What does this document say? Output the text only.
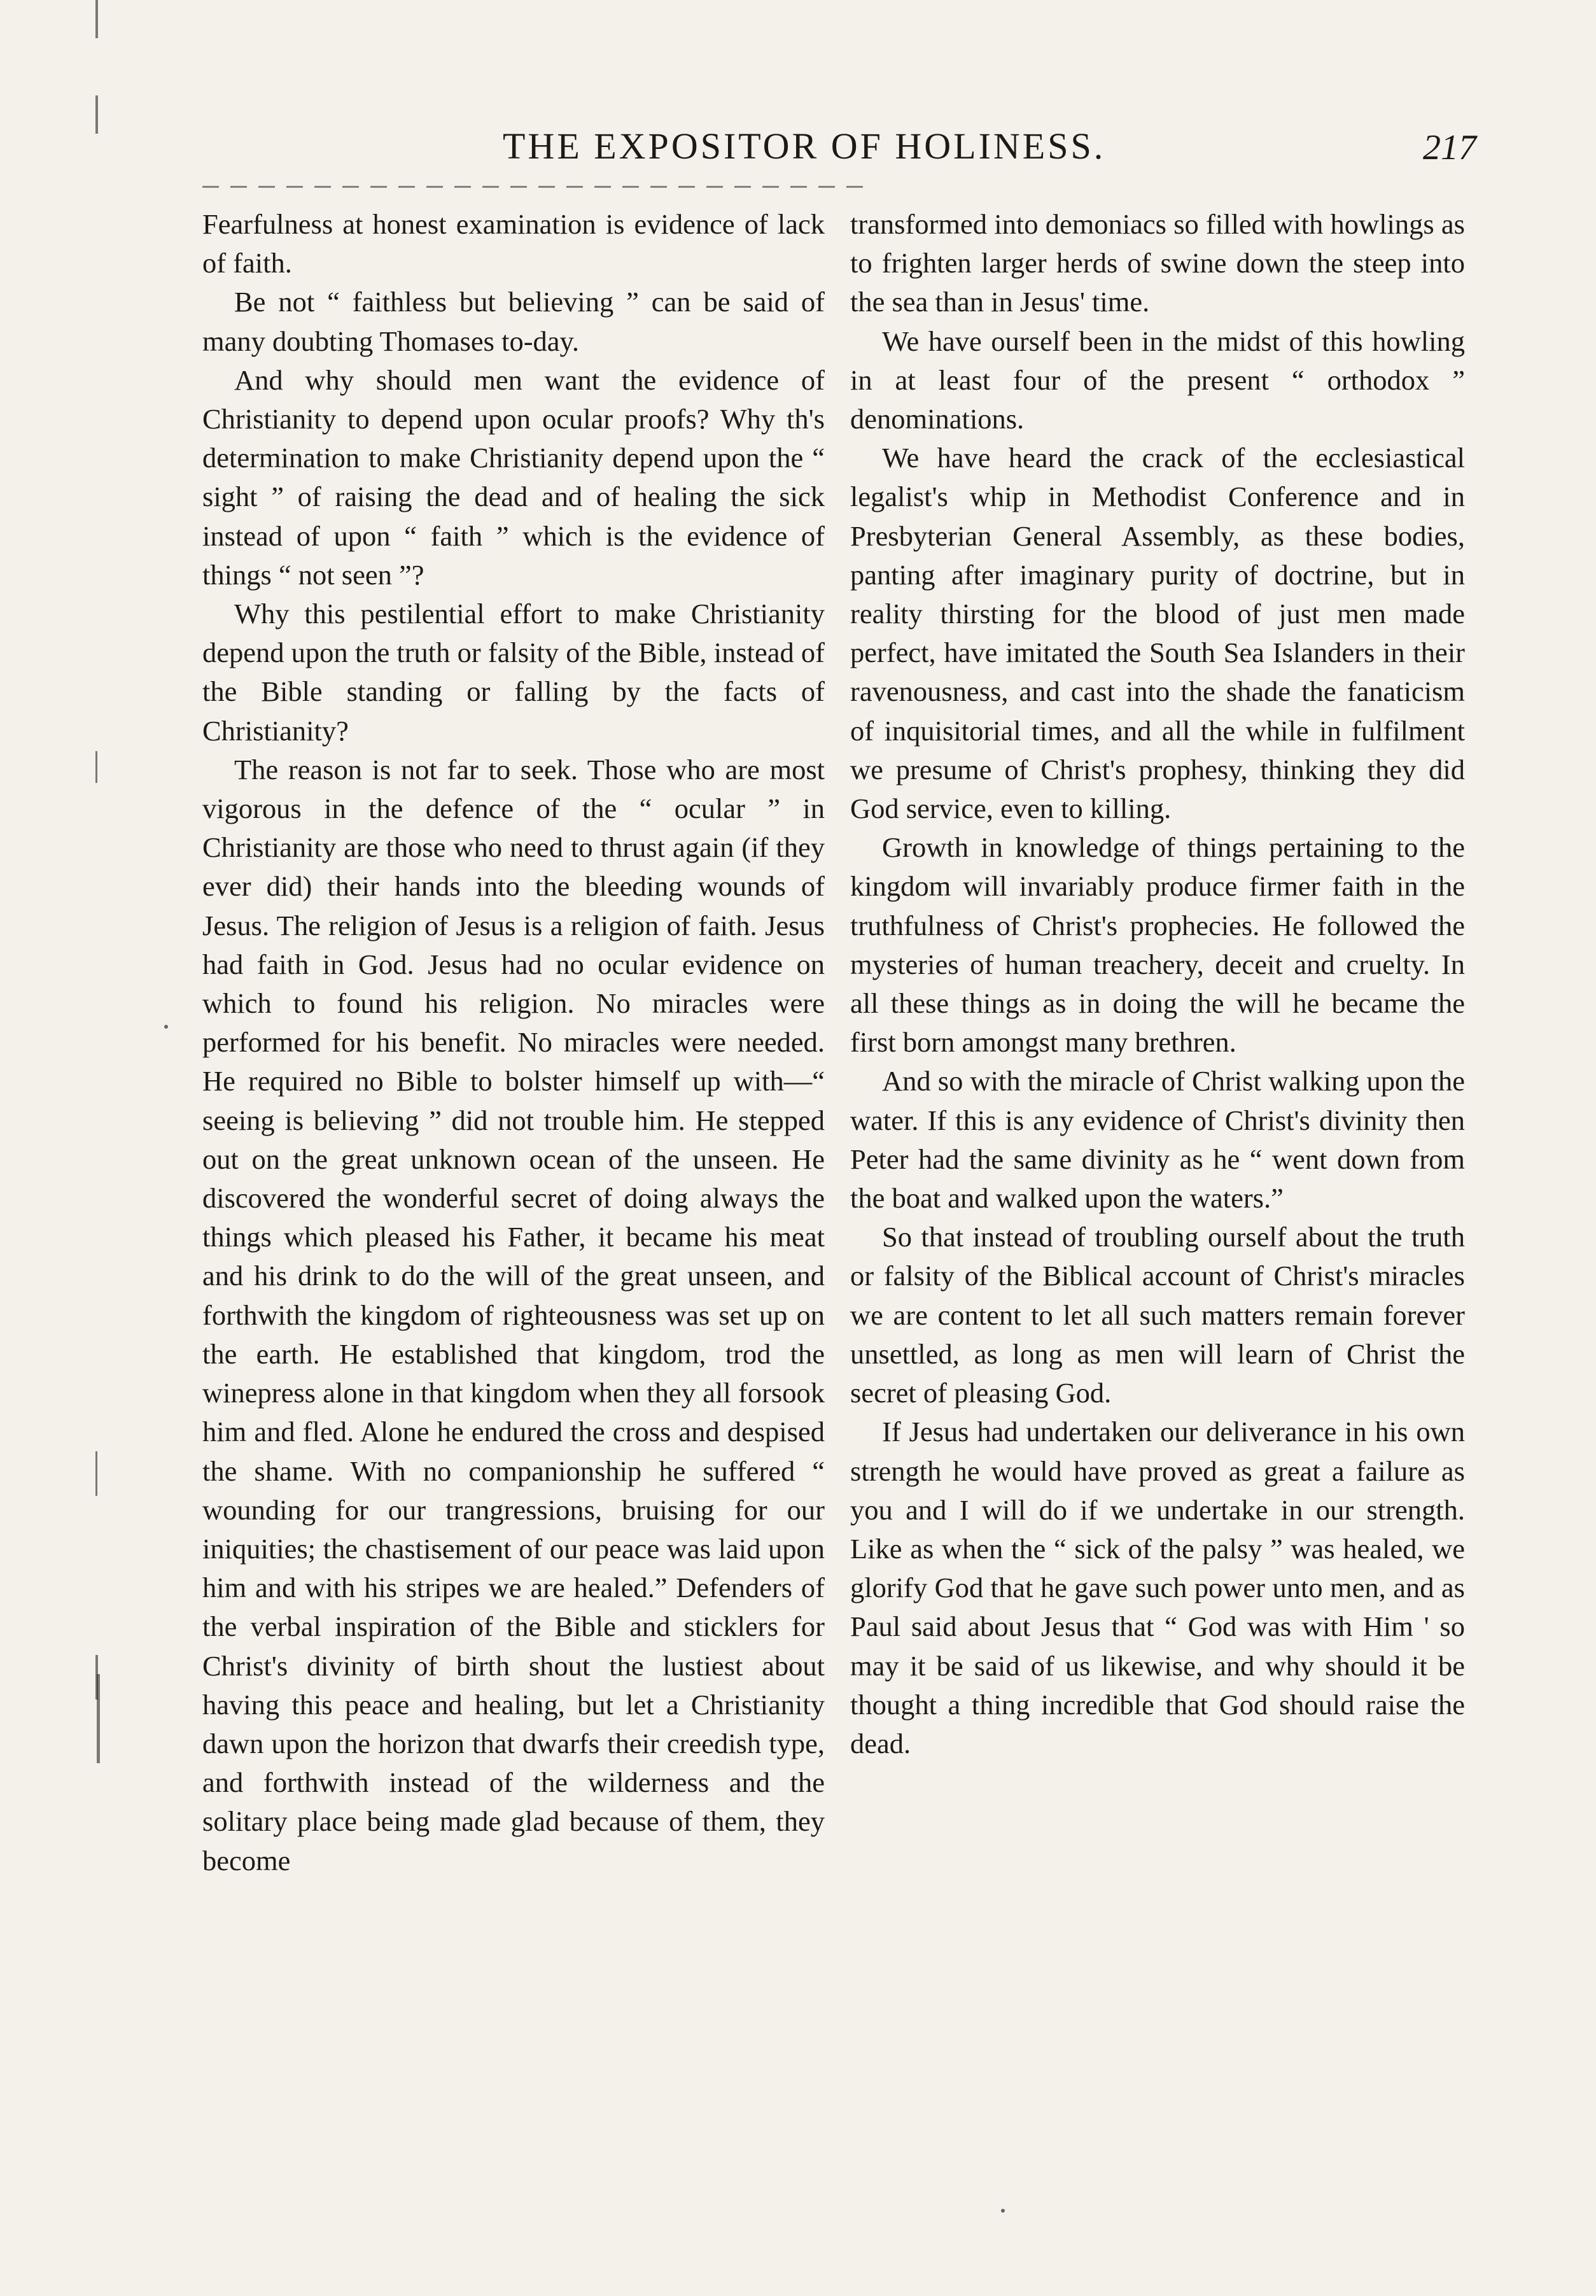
THE EXPOSITOR OF HOLINESS.	217

Fearfulness at honest examination is evidence of lack of faith.

Be not “ faithless but believing ” can be said of many doubting Thomases to-day.

And why should men want the evidence of Christianity to depend upon ocular proofs? Why th's determination to make Christianity depend upon the “ sight ” of raising the dead and of healing the sick instead of upon “ faith ” which is the evidence of things “ not seen ”?

Why this pestilential effort to make Christianity depend upon the truth or falsity of the Bible, instead of the Bible standing or falling by the facts of Christianity?

The reason is not far to seek. Those who are most vigorous in the defence of the “ ocular ” in Christianity are those who need to thrust again (if they ever did) their hands into the bleeding wounds of Jesus. The religion of Jesus is a religion of faith. Jesus had faith in God. Jesus had no ocular evidence on which to found his religion. No miracles were performed for his benefit. No miracles were needed. He required no Bible to bolster himself up with—“ seeing is believing ” did not trouble him. He stepped out on the great unknown ocean of the unseen. He discovered the wonderful secret of doing always the things which pleased his Father, it became his meat and his drink to do the will of the great unseen, and forthwith the kingdom of righteousness was set up on the earth. He established that kingdom, trod the winepress alone in that kingdom when they all forsook him and fled. Alone he endured the cross and despised the shame. With no companionship he suffered “ wounding for our trangressions, bruising for our iniquities; the chastisement of our peace was laid upon him and with his stripes we are healed.” Defenders of the verbal inspiration of the Bible and sticklers for Christ's divinity of birth shout the lustiest about having this peace and healing, but let a Christianity dawn upon the horizon that dwarfs their creedish type, and forthwith instead of the wilderness and the solitary place being made glad because of them, they become

transformed into demoniacs so filled with howlings as to frighten larger herds of swine down the steep into the sea than in Jesus' time.

We have ourself been in the midst of this howling in at least four of the present “ orthodox ” denominations.

We have heard the crack of the ecclesiastical legalist's whip in Methodist Conference and in Presbyterian General Assembly, as these bodies, panting after imaginary purity of doctrine, but in reality thirsting for the blood of just men made perfect, have imitated the South Sea Islanders in their ravenousness, and cast into the shade the fanaticism of inquisitorial times, and all the while in fulfilment we presume of Christ's prophesy, thinking they did God service, even to killing.

Growth in knowledge of things pertaining to the kingdom will invariably produce firmer faith in the truthfulness of Christ's prophecies. He followed the mysteries of human treachery, deceit and cruelty. In all these things as in doing the will he became the first born amongst many brethren.

And so with the miracle of Christ walking upon the water. If this is any evidence of Christ's divinity then Peter had the same divinity as he “ went down from the boat and walked upon the waters.”

So that instead of troubling ourself about the truth or falsity of the Biblical account of Christ's miracles we are content to let all such matters remain forever unsettled, as long as men will learn of Christ the secret of pleasing God.

If Jesus had undertaken our deliverance in his own strength he would have proved as great a failure as you and I will do if we undertake in our strength. Like as when the “ sick of the palsy ” was healed, we glorify God that he gave such power unto men, and as Paul said about Jesus that “ God was with Him ' so may it be said of us likewise, and why should it be thought a thing incredible that God should raise the dead.
